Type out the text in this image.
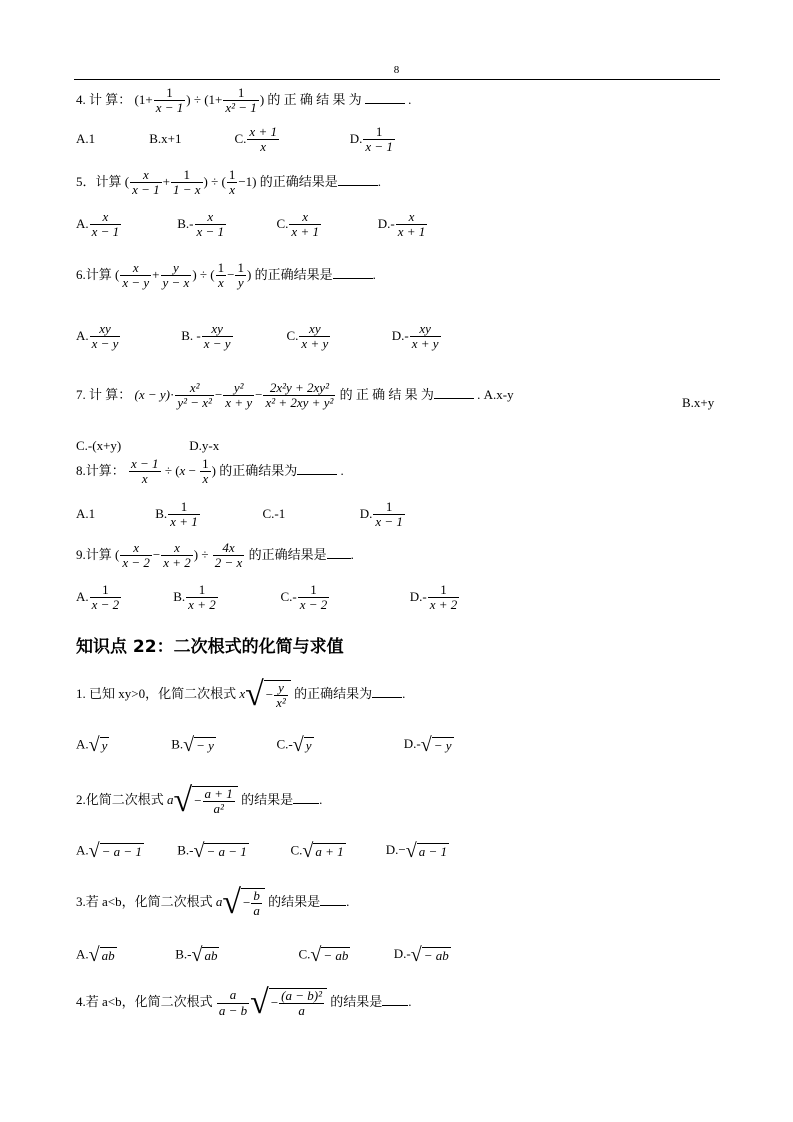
8
4. 计 算： ($1+ \frac{1}{x - 1}$ ) ÷ ($1+ \frac{1}{\text{x² − 1}}$ ) 的 正 确 结 果 为	.
A.1	B.x+1	C. $\frac{x + 1}{x}$	D. $\frac{1}{x - 1}$
5．计算 ( $\frac{x}{x - 1} + \frac{1}{1 - x}$ ) ÷ ( $\frac{1}{x} -1$) 的正确结果是	.
A. $\frac{x}{x - 1}$	$B.- \frac{x}{x - 1}$	C. $\frac{x}{x + 1}$	$D.- \frac{x}{x + 1}$
6.计算 ( $\frac{x}{x - y} + \frac{y}{y - x}$ ) ÷ ( $\frac{1}{x} - \frac{1}{y}$ ) 的正确结果是	.
A. $\frac{xy}{x - y}$	B. - $\frac{xy}{x - y}$	C. $\frac{xy}{x + y}$	$D.- \frac{xy}{x + y}$
7. 计 算： $(x - y)\cdot \frac{\text{x²}}{\text{y² − x²}} - \frac{\text{y²}}{x + y} - \frac{\text{2x²y + 2xy²}}{\text{x² + 2xy + y²}}$ 的 正 确 结 果 为	. A.x-y
B.x+y
C.-(x+y)	D.y-x
8.计算： $\frac{x - 1}{x} \div (x - \frac{1}{x}$ ) 的正确结果为	.
A.1	B. $\frac{1}{x + 1}$	C.-1	D. $\frac{1}{x - 1}$
9.计算 ( $\frac{x}{x - 2} - \frac{x}{x + 2}$ ) ÷ $\frac{4x}{2 - x}$ 的正确结果是 .
A. $\frac{1}{x - 2}$	B. $\frac{1}{x + 2}$	$C.- \frac{1}{x - 2}$	$D.- \frac{1}{x + 2}$
知识点 22：二次根式的化简与求值
1. 已知 xy>0，化简二次根式 $x√ - \frac{y}{\text{x²}}$ 的正确结果为 .
A.√ y	B.√ − y	C.-√ y	D.-√ − y
2.化简二次根式 $a√ - \frac{a + 1}{\text{a²}}$ 的结果是 .
A.√ − a − 1	B.-√ − a − 1	C.√ a + 1	D.−√ a − 1
3.若 a<b，化简二次根式 $a√ - \frac{b}{a}$ 的结果是 .
A.√ ab	B.-√ ab	C.√ − ab	D.-√ − ab
4.若 a<b，化简二次根式 $\frac{a}{a - b}$ √ − $\frac{\text{(a − b)²}}{a}$ 的结果是 .
